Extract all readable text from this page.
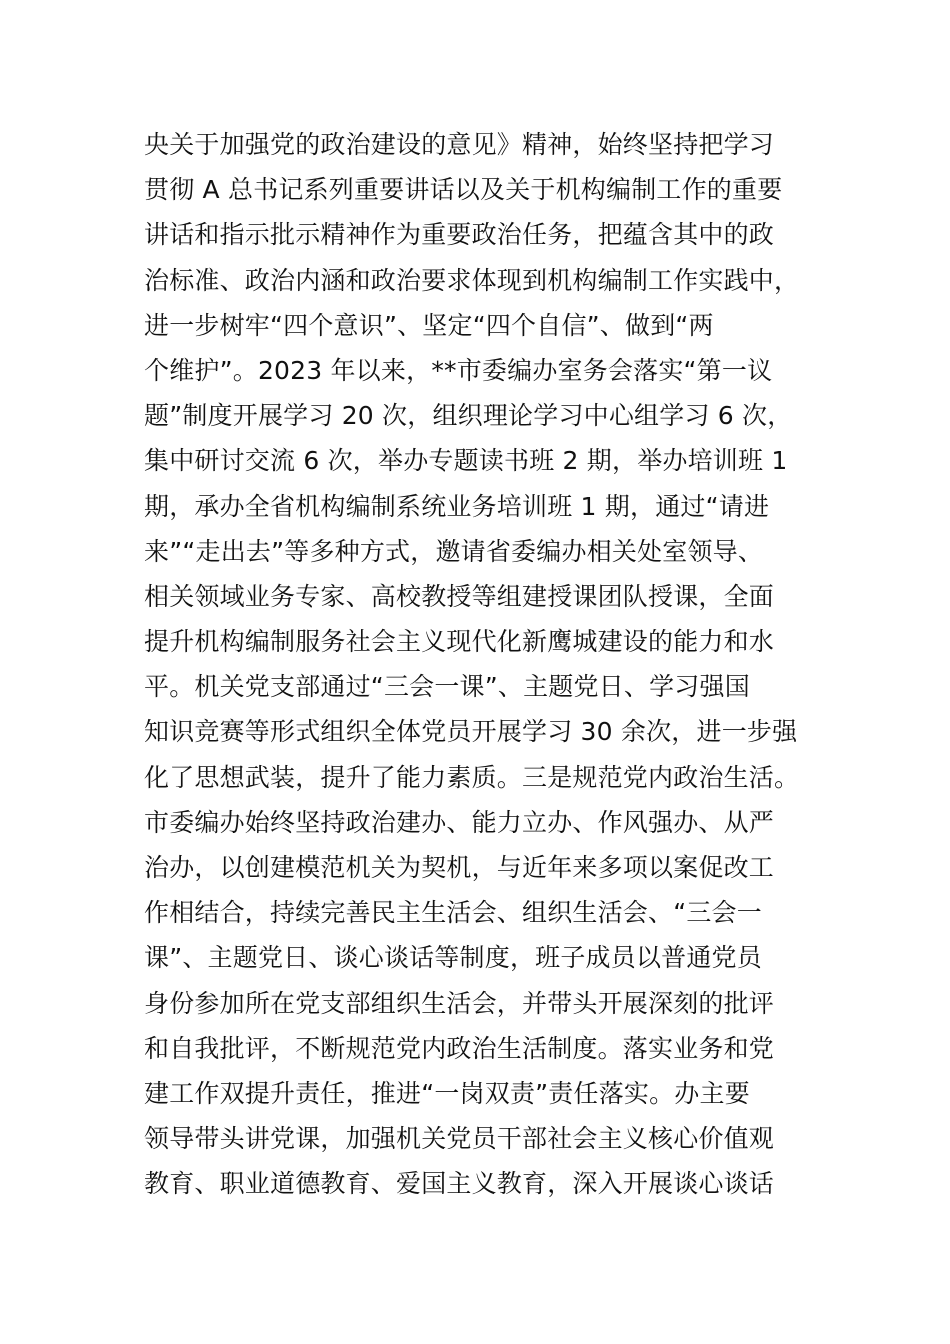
央关于加强党的政治建设的意见》精神，始终坚持把学习
贯彻 A 总书记系列重要讲话以及关于机构编制工作的重要
讲话和指示批示精神作为重要政治任务，把蕴含其中的政
治标准、政治内涵和政治要求体现到机构编制工作实践中，
进一步树牢“四个意识”、坚定“四个自信”、做到“两
个维护”。2023 年以来，**市委编办室务会落实“第一议
题”制度开展学习 20 次，组织理论学习中心组学习 6 次，
集中研讨交流 6 次，举办专题读书班 2 期，举办培训班 1
期，承办全省机构编制系统业务培训班 1 期，通过“请进
来”“走出去”等多种方式，邀请省委编办相关处室领导、
相关领域业务专家、高校教授等组建授课团队授课，全面
提升机构编制服务社会主义现代化新鹰城建设的能力和水
平。机关党支部通过“三会一课”、主题党日、学习强国
知识竞赛等形式组织全体党员开展学习 30 余次，进一步强
化了思想武装，提升了能力素质。三是规范党内政治生活。
市委编办始终坚持政治建办、能力立办、作风强办、从严
治办，以创建模范机关为契机，与近年来多项以案促改工
作相结合，持续完善民主生活会、组织生活会、“三会一
课”、主题党日、谈心谈话等制度，班子成员以普通党员
身份参加所在党支部组织生活会，并带头开展深刻的批评
和自我批评，不断规范党内政治生活制度。落实业务和党
建工作双提升责任，推进“一岗双责”责任落实。办主要
领导带头讲党课，加强机关党员干部社会主义核心价值观
教育、职业道德教育、爱国主义教育，深入开展谈心谈话
